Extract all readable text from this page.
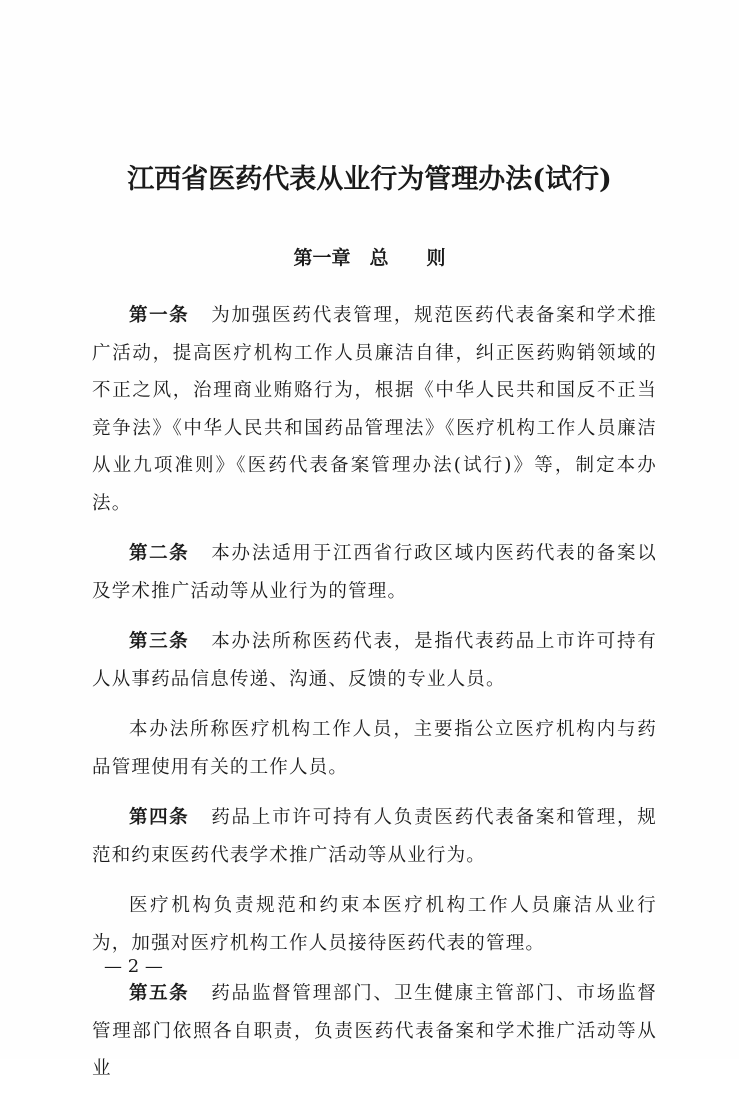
江西省医药代表从业行为管理办法(试行)
第一章　总　　则

第一条 为加强医药代表管理，规范医药代表备案和学术推广活动，提高医疗机构工作人员廉洁自律，纠正医药购销领域的不正之风，治理商业贿赂行为，根据《中华人民共和国反不正当竞争法》《中华人民共和国药品管理法》《医疗机构工作人员廉洁从业九项准则》《医药代表备案管理办法(试行)》等，制定本办法。

第二条 本办法适用于江西省行政区域内医药代表的备案以及学术推广活动等从业行为的管理。

第三条 本办法所称医药代表，是指代表药品上市许可持有人从事药品信息传递、沟通、反馈的专业人员。

本办法所称医疗机构工作人员，主要指公立医疗机构内与药品管理使用有关的工作人员。

第四条 药品上市许可持有人负责医药代表备案和管理，规范和约束医药代表学术推广活动等从业行为。

医疗机构负责规范和约束本医疗机构工作人员廉洁从业行为，加强对医疗机构工作人员接待医药代表的管理。

第五条 药品监督管理部门、卫生健康主管部门、市场监督管理部门依照各自职责，负责医药代表备案和学术推广活动等从业

— 2 —
